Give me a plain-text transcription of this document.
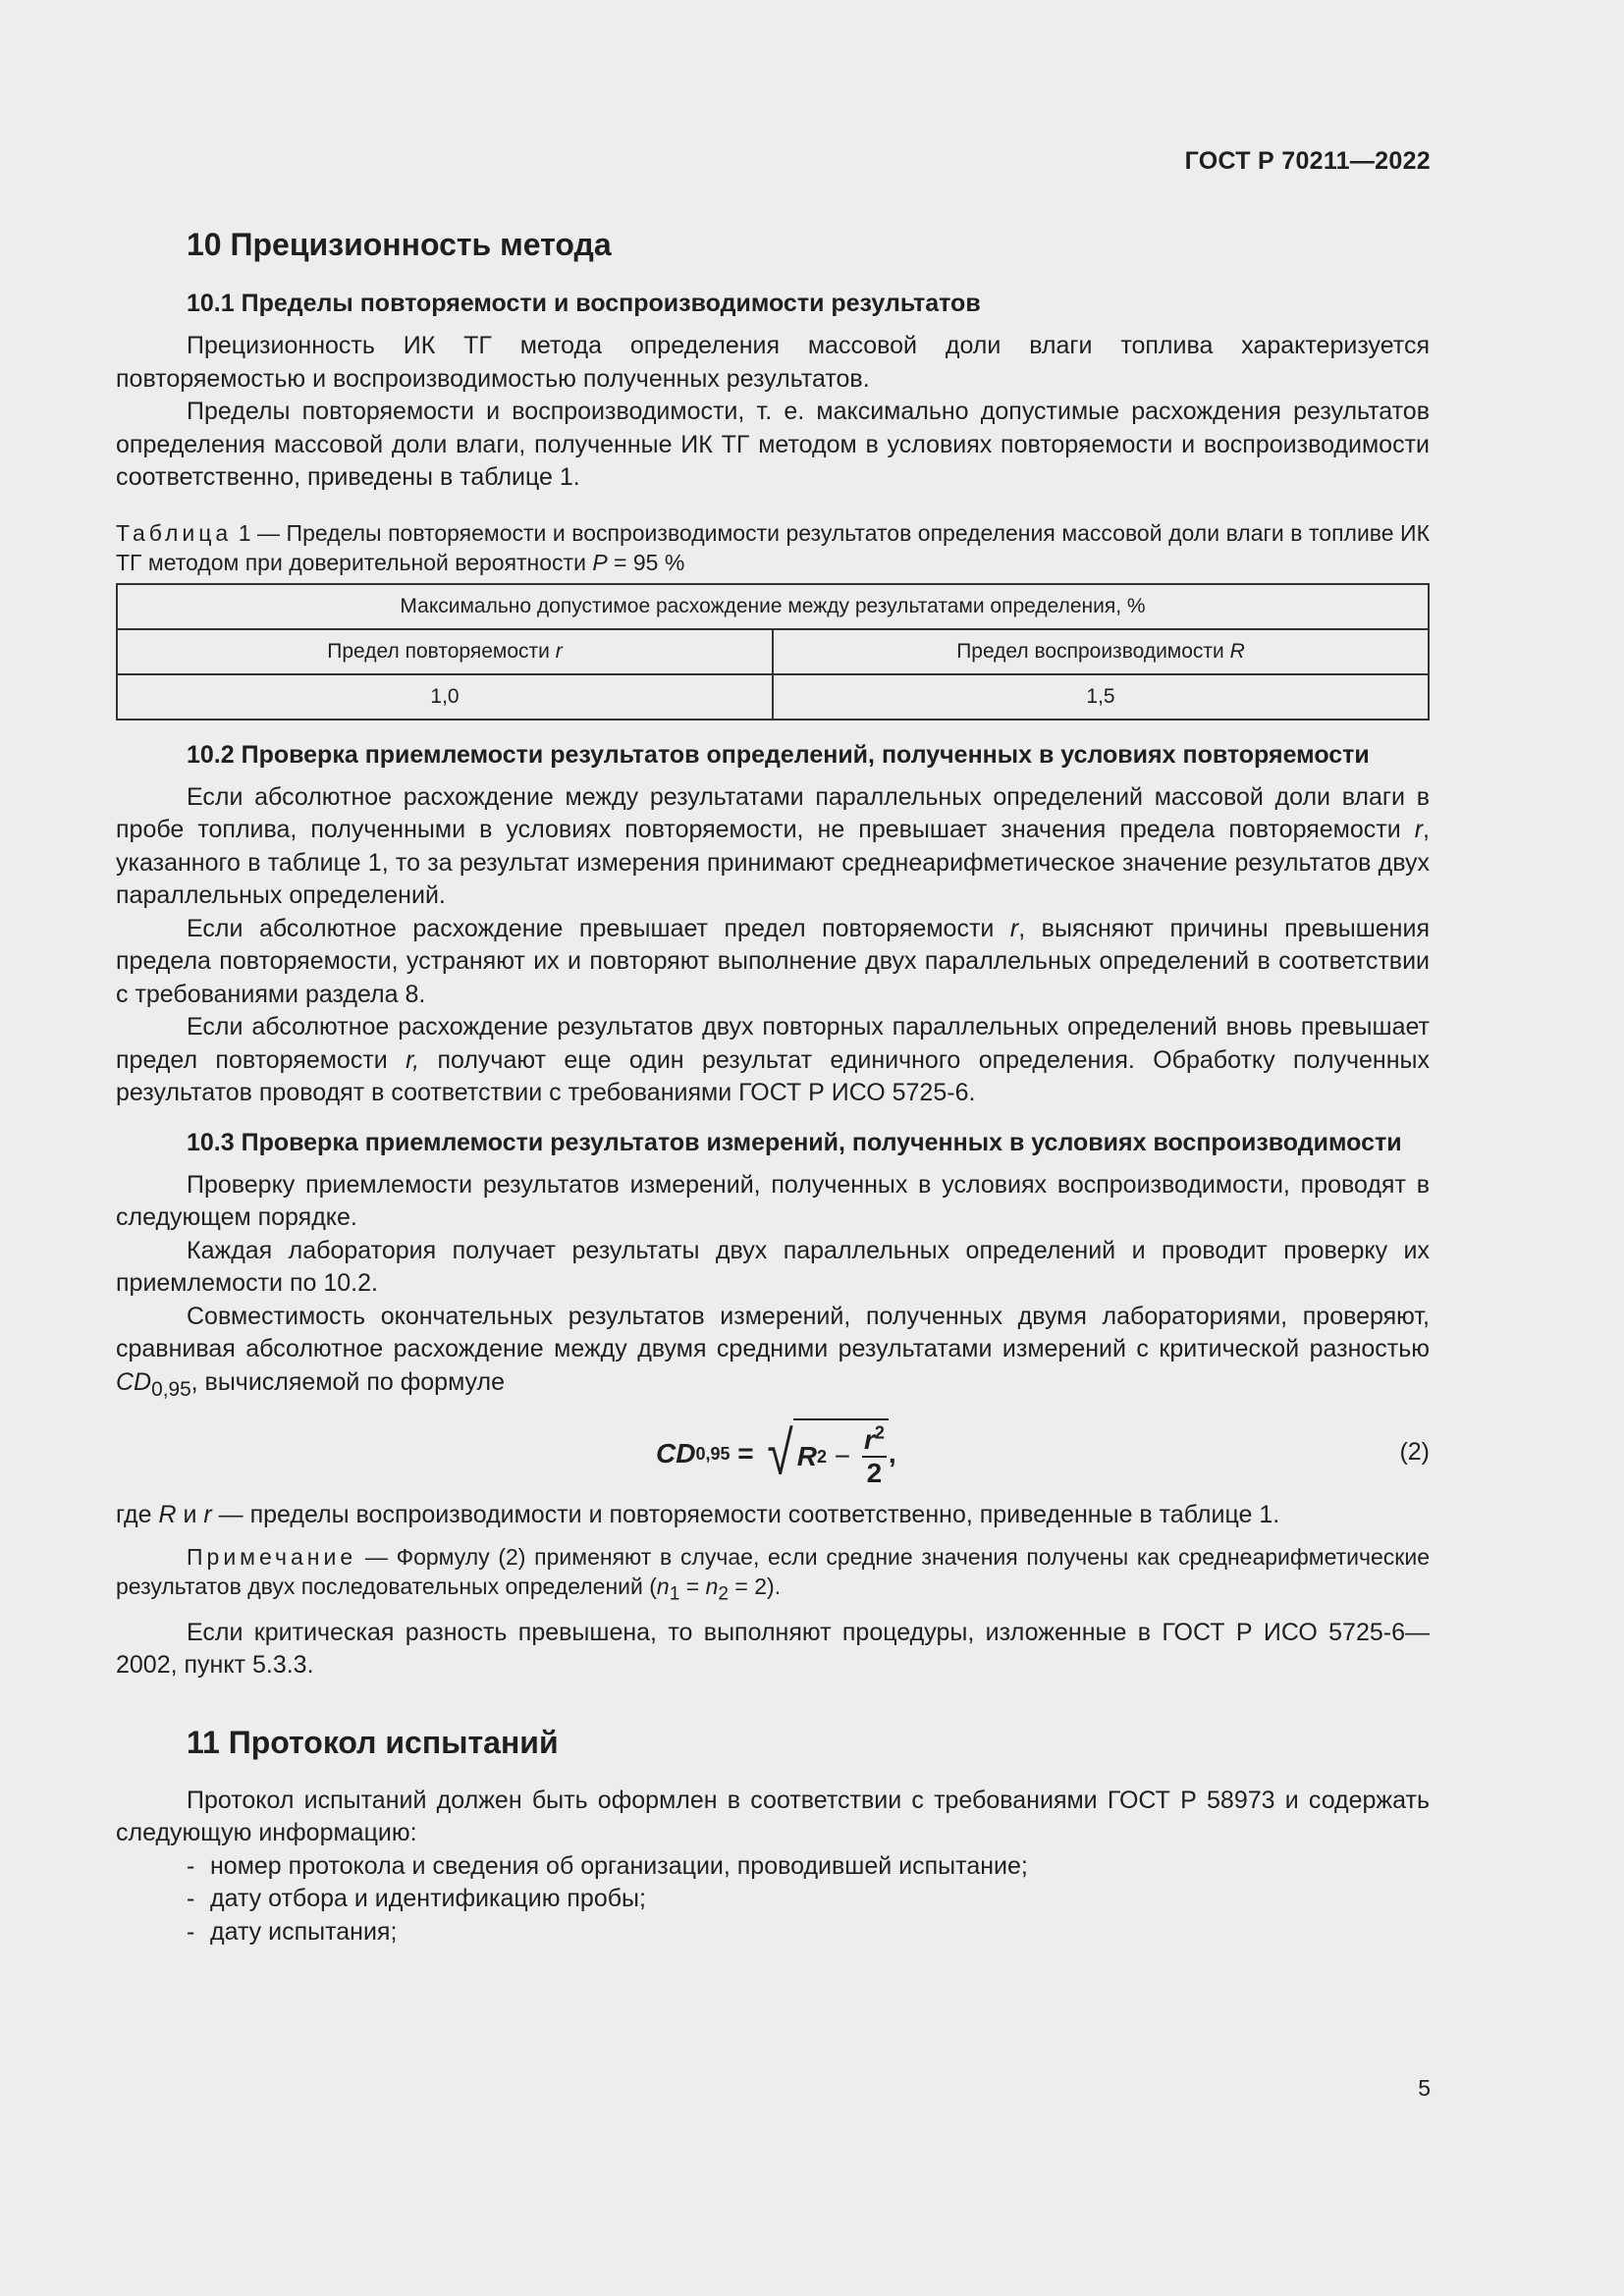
ГОСТ Р 70211—2022
10 Прецизионность метода
10.1 Пределы повторяемости и воспроизводимости результатов

Прецизионность ИК ТГ метода определения массовой доли влаги топлива характеризуется повторяемостью и воспроизводимостью полученных результатов.

Пределы повторяемости и воспроизводимости, т. е. максимально допустимые расхождения результатов определения массовой доли влаги, полученные ИК ТГ методом в условиях повторяемости и воспроизводимости соответственно, приведены в таблице 1.

Таблица 1 — Пределы повторяемости и воспроизводимости результатов определения массовой доли влаги в топливе ИК ТГ методом при доверительной вероятности P = 95 %

Максимально допустимое расхождение между результатами определения, %	
Предел повторяемости r	Предел воспроизводимости R
1,0	1,5
10.2 Проверка приемлемости результатов определений, полученных в условиях повторяемости

Если абсолютное расхождение между результатами параллельных определений массовой доли влаги в пробе топлива, полученными в условиях повторяемости, не превышает значения предела повторяемости r, указанного в таблице 1, то за результат измерения принимают среднеарифметическое значение результатов двух параллельных определений.

Если абсолютное расхождение превышает предел повторяемости r, выясняют причины превышения предела повторяемости, устраняют их и повторяют выполнение двух параллельных определений в соответствии с требованиями раздела 8.

Если абсолютное расхождение результатов двух повторных параллельных определений вновь превышает предел повторяемости r, получают еще один результат единичного определения. Обработку полученных результатов проводят в соответствии с требованиями ГОСТ Р ИСО 5725-6.

10.3 Проверка приемлемости результатов измерений, полученных в условиях воспроизводимости

Проверку приемлемости результатов измерений, полученных в условиях воспроизводимости, проводят в следующем порядке.

Каждая лаборатория получает результаты двух параллельных определений и проводит проверку их приемлемости по 10.2.

Совместимость окончательных результатов измерений, полученных двумя лабораториями, проверяют, сравнивая абсолютное расхождение между двумя средними результатами измерений с критической разностью $CD_{0,95}$, вычисляемой по формуле

CD 0,95 = √ R $2 - \frac{r^2}{2}$ ,	(2)

где R и r — пределы воспроизводимости и повторяемости соответственно, приведенные в таблице 1.

Примечание — Формулу (2) применяют в случае, если средние значения получены как среднеарифметические результатов двух последовательных определений $(n_1 = n_2 = 2)$.

Если критическая разность превышена, то выполняют процедуры, изложенные в ГОСТ Р ИСО 5725-6—2002, пункт 5.3.3.

11 Протокол испытаний

Протокол испытаний должен быть оформлен в соответствии с требованиями ГОСТ Р 58973 и содержать следующую информацию:

- номер протокола и сведения об организации, проводившей испытание;
- дату отбора и идентификацию пробы;
- дату испытания;
5
